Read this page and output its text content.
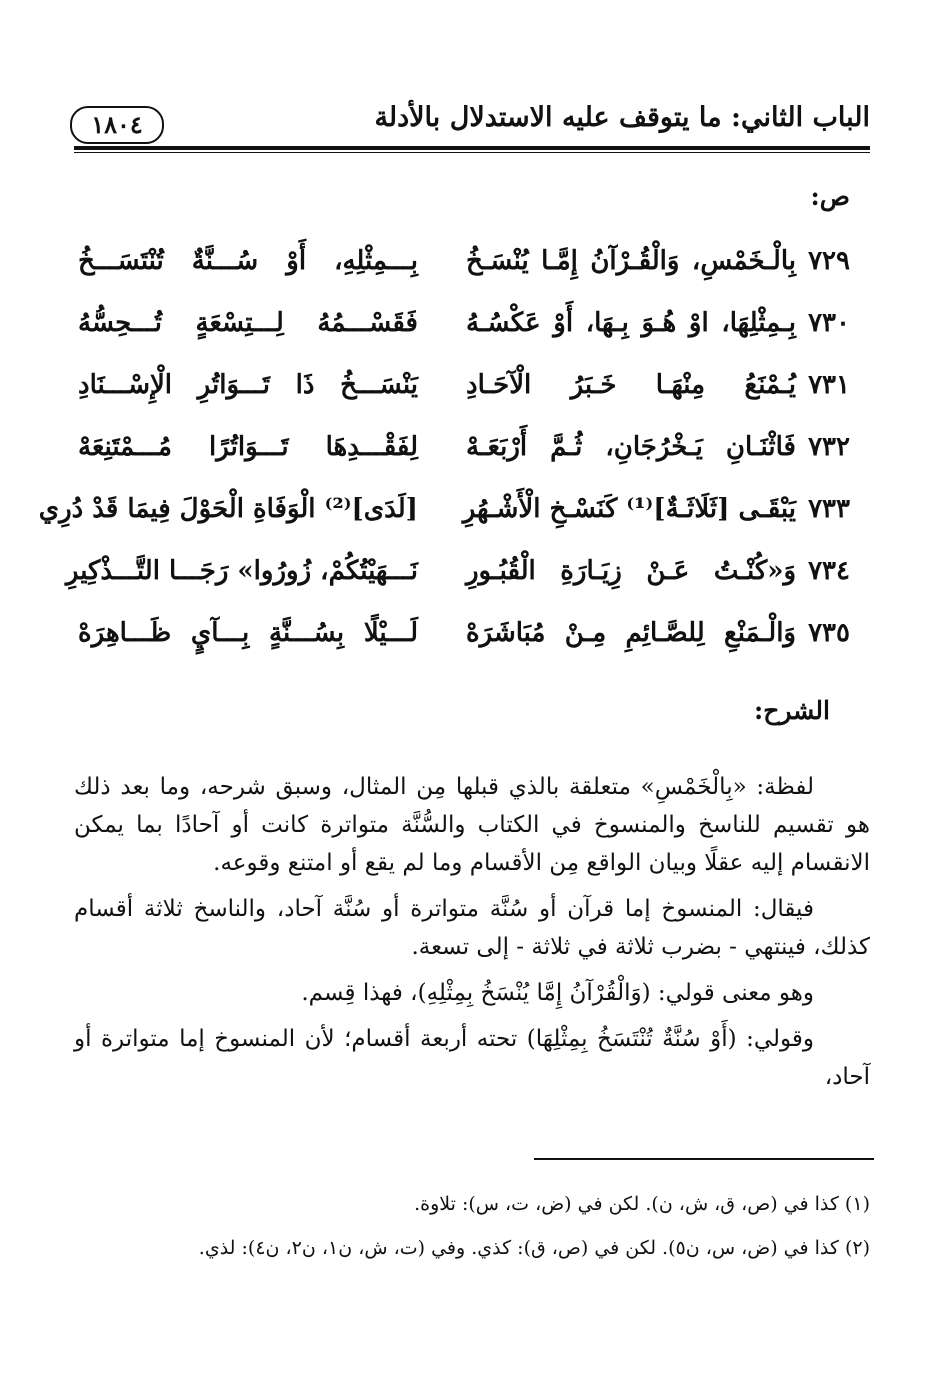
الباب الثاني: ما يتوقف عليه الاستدلال بالأدلة
١٨٠٤
ص:
٧٢٩
بِالْـخَمْسِ، وَالْقُـرْآنُ إِمَّـا يُنْسَـخُ
بِـــمِثْلِهِ، أَوْ سُـــنَّةٌ تُنْتَسَـــخُ
٧٣٠
بِـمِثْلِهَا، اوْ هُـوَ بِـهَا، أَوْ عَكْسُـهُ
فَقَسْـــمُهُ لِـــتِسْعَةٍ تُـــحِسُّهُ
٧٣١
يُـمْنَعُ مِنْهَـا خَـبَرُ الْآحَـادِ
يَنْسَـــخُ ذَا تَـــوَاتُرِ الْإِسْـــنَادِ
٧٣٢
فَاثْنَـانِ يَـخْرُجَانِ، ثُـمَّ أَرْبَعَـهْ
لِفَقْـــدِهَا تَـــوَاتُرًا مُـــمْتَنِعَهْ
٧٣٣
يَبْقَـى [ثَلَاثَـةٌ]⁽¹⁾ كَنَسْـخِ الْأَشْـهُرِ
[لَدَى]⁽²⁾ الْوَفَاةِ الْحَوْلَ فِيمَا قَدْ دُرِي
٧٣٤
وَ«كُنْـتُ عَـنْ زِيَـارَةِ الْقُبُـورِ
نَـــهَيْتُكُمْ، زُورُوا» رَجَـــا التَّـــذْكِيرِ
٧٣٥
وَالْـمَنْعِ لِلصَّـائِمِ مِـنْ مُبَاشَرَهْ
لَـــيْلًا بِسُـــنَّةٍ بِـــآيٍ ظَـــاهِرَهْ
الشرح:

لفظة: «بِالْخَمْسِ» متعلقة بالذي قبلها مِن المثال، وسبق شرحه، وما بعد ذلك هو تقسيم للناسخ والمنسوخ في الكتاب والسُّنَّة متواترة كانت أو آحادًا بما يمكن الانقسام إليه عقلًا وبيان الواقع مِن الأقسام وما لم يقع أو امتنع وقوعه.

فيقال: المنسوخ إما قرآن أو سُنَّة متواترة أو سُنَّة آحاد، والناسخ ثلاثة أقسام كذلك، فينتهي - بضرب ثلاثة في ثلاثة - إلى تسعة.

وهو معنى قولي: (وَالْقُرْآنُ إِمَّا يُنْسَخُ بِمِثْلِهِ)، فهذا قِسم.

وقولي: (أَوْ سُنَّةٌ تُنْتَسَخُ بِمِثْلِهَا) تحته أربعة أقسام؛ لأن المنسوخ إما متواترة أو آحاد،

(١) كذا في (ص، ق، ش، ن). لكن في (ض، ت، س): تلاوة.
(٢) كذا في (ض، س، ن٥). لكن في (ص، ق): كذي. وفي (ت، ش، ن١، ن٢، ن٤): لذي.
